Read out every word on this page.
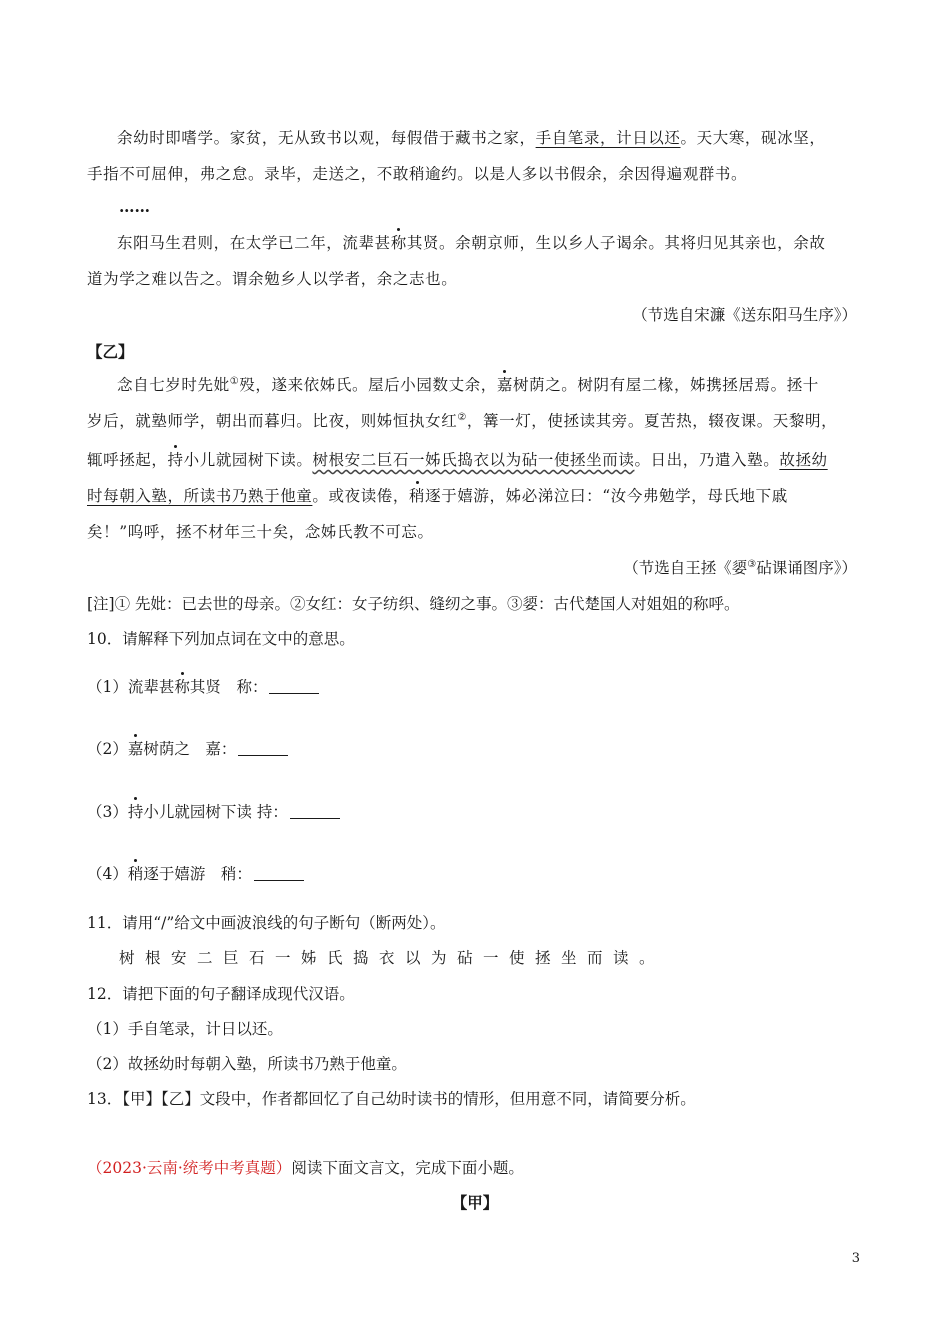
余幼时即嗜学。家贫，无从致书以观，每假借于藏书之家，手自笔录，计日以还。天大寒，砚冰坚，
手指不可屈伸，弗之怠。录毕，走送之，不敢稍逾约。以是人多以书假余，余因得遍观群书。
……
东阳马生君则，在太学已二年，流辈甚称其贤。余朝京师，生以乡人子谒余。其将归见其亲也，余故
道为学之难以告之。谓余勉乡人以学者，余之志也。
（节选自宋濂《送东阳马生序》）
【乙】
念自七岁时先妣①殁，遂来依姊氏。屋后小园数丈余，嘉树荫之。树阴有屋二椽，姊携拯居焉。拯十
岁后，就塾师学，朝出而暮归。比夜，则姊恒执女红②，篝一灯，使拯读其旁。夏苦热，辍夜课。天黎明，
辄呼拯起，持小儿就园树下读。树根安二巨石一姊氏捣衣以为砧一使拯坐而读。日出，乃遣入塾。故拯幼
时每朝入塾，所读书乃熟于他童。或夜读倦，稍逐于嬉游，姊必涕泣曰：“汝今弗勉学，母氏地下戚
矣！”呜呼，拯不材年三十矣，念姊氏教不可忘。
（节选自王拯《媭③砧课诵图序》）
[注]① 先妣：已去世的母亲。②女红：女子纺织、缝纫之事。③媭：古代楚国人对姐姐的称呼。
10．请解释下列加点词在文中的意思。
（1）流辈甚称其贤　 称：
（2）嘉树荫之　 嘉：
（3）持小儿就园树下读 持：
（4）稍逐于嬉游　 稍：
11．请用“/”给文中画波浪线的句子断句（断两处）。
树根安二巨石一姊氏捣衣以为砧一使拯坐而读。
12．请把下面的句子翻译成现代汉语。
（1）手自笔录，计日以还。
（2）故拯幼时每朝入塾，所读书乃熟于他童。
13．【甲】【乙】文段中，作者都回忆了自己幼时读书的情形，但用意不同，请简要分析。
（2023·云南·统考中考真题）阅读下面文言文，完成下面小题。
【甲】
3
